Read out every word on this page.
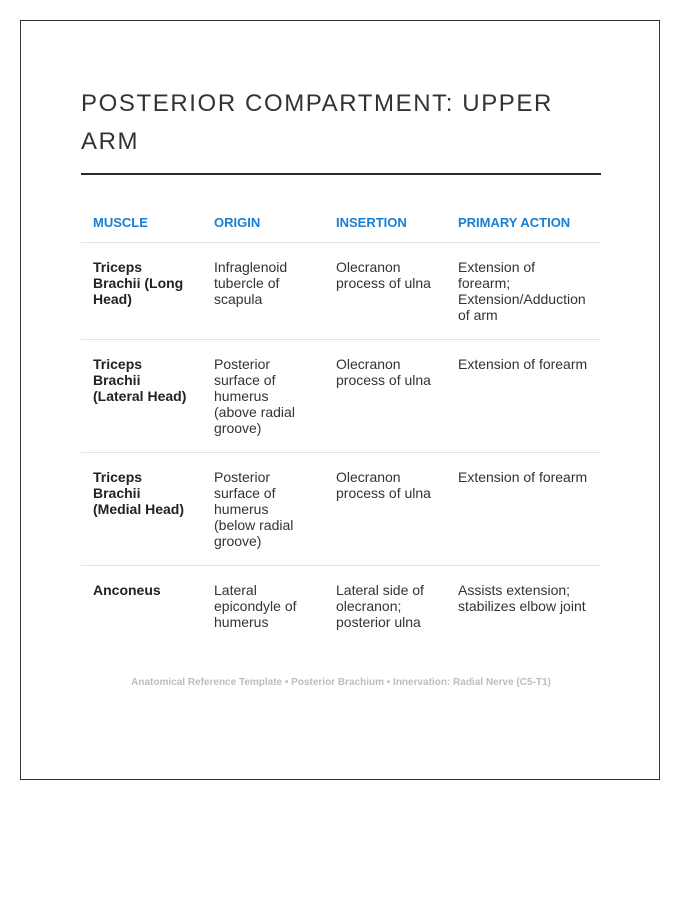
POSTERIOR COMPARTMENT: UPPER ARM
MUSCLE	ORIGIN	INSERTION	PRIMARY ACTION
Triceps Brachii (Long Head)	Infraglenoid tubercle of scapula	Olecranon process of ulna	Extension of forearm; Extension/Adduction of arm
Triceps Brachii (Lateral Head)	Posterior surface of humerus (above radial groove)	Olecranon process of ulna	Extension of forearm
Triceps Brachii (Medial Head)	Posterior surface of humerus (below radial groove)	Olecranon process of ulna	Extension of forearm
Anconeus	Lateral epicondyle of humerus	Lateral side of olecranon; posterior ulna	Assists extension; stabilizes elbow joint
Anatomical Reference Template • Posterior Brachium • Innervation: Radial Nerve (C5-T1)
